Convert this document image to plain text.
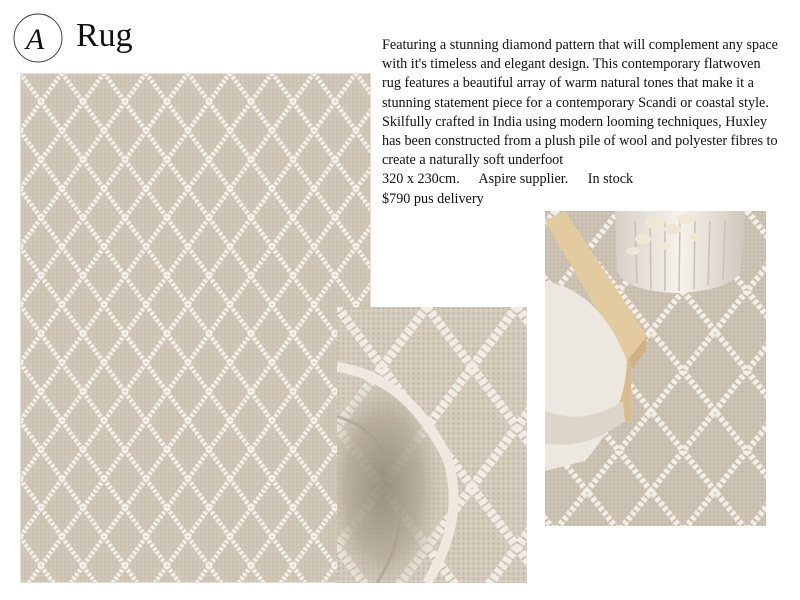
A Rug	Featuring a stunning diamond pattern that will complement any space with it's timeless and elegant design. This contemporary flatwoven rug features a beautiful array of warm natural tones that make it a stunning statement piece for a contemporary Scandi or coastal style. Skilfully crafted in India using modern looming techniques, Huxley has been constructed from a plush pile of wool and polyester fibres to create a naturally soft underfoot

320 x 230cm. Aspire supplier. In stock

$790 pus delivery
